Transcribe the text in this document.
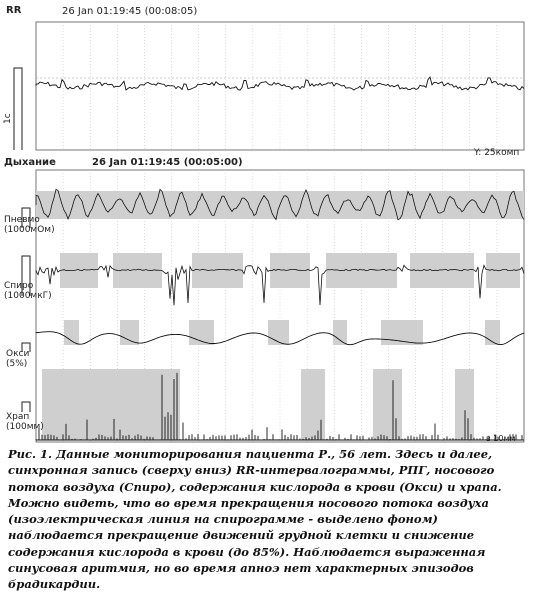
RR	26 Jan 01:19:45 (00:08:05)
1c
Y: 25комп
Дыхание	26 Jan 01:19:45 (00:05:00)
Пневмо
(1000мОм)
Спиро
(1000мкГ)
Окси
(5%)
Храп
(100мм)
в 10мм
Рис. 1. Данные мониторирования пациента Р., 56 лет. Здесь и далее, синхронная запись (сверху вниз) RR-интервалограммы, РПГ, носового потока воздуха (Спиро), содержания кислорода в крови (Окси) и храпа. Можно видеть, что во время прекращения носового потока воздуха (изоэлектрическая линия на спирограмме - выделено фоном) наблюдается прекращение движений грудной клетки и снижение содержания кислорода в крови (до 85%). Наблюдается выраженная синусовая аритмия, но во время апноэ нет характерных эпизодов брадикардии.
